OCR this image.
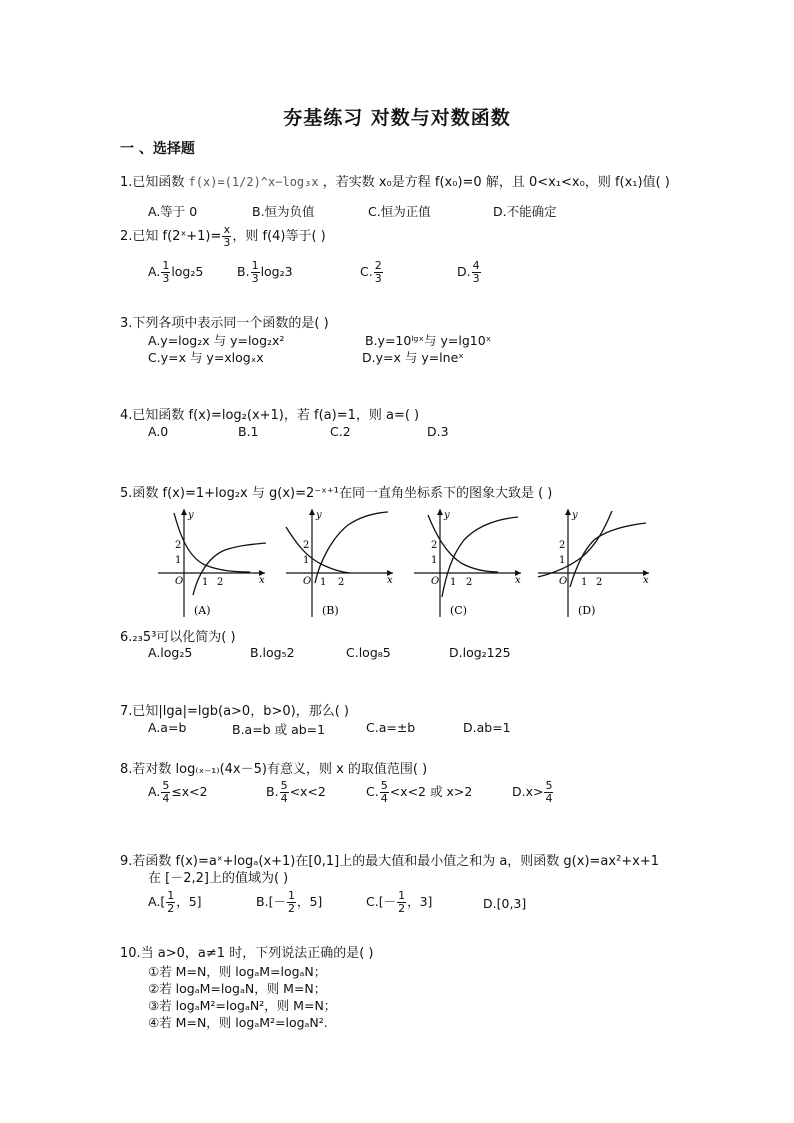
夯基练习 对数与对数函数
一 、选择题
1.已知函数 f(x)=(1/2)^x−log₃x ，若实数 x₀是方程 f(x₀)=0 解，且 0<x₁<x₀，则 f(x₁)值( )
A.等于 0	B.恒为负值	C.恒为正值	D.不能确定
2.已知 f(2ˣ+1)= $\frac{x}{3}$ ，则 f(4)等于( )
A. $\frac{1}{3} \log_25$	B. $\frac{1}{3} \log_23$	C. $\frac{2}{3}$	D. $\frac{4}{3}$
3.下列各项中表示同一个函数的是( )
A.y=log₂x 与 y=log₂x²	B.y=10ˡᵍˣ与 y=lg10ˣ
C.y=x 与 y=xlogₓx	D.y=x 与 y=lneˣ
4.已知函数 f(x)=log₂(x+1)，若 f(a)=1，则 a=( )
A.0	B.1	C.2	D.3
5.函数 f(x)=1+log₂x 与 g(x)=2⁻ˣ⁺¹在同一直角坐标系下的图象大致是 ( )
y
x
O 1 2
2
1
(A)
y
x
O 1 2
2
1
(B)
y
x
O 1 2
2
1
(C)
y
x
O 1 2
2
1
(D)
6.₂₃5³可以化简为( )
A.log₂5	B.log₅2	C.log₈5	D.log₂125
7.已知|lga|=lgb(a>0，b>0)，那么( )
A.a=b	B.a=b 或 ab=1	C.a=±b	D.ab=1
8.若对数 log₍ₓ₋₁₎(4x－5)有意义，则 x 的取值范围( )
A. $\frac{5}{4} \le x<2$	B. $\frac{5}{4} <x<2$	C. $\frac{5}{4} <x<2$ 或 x>2	$D.x> \frac{5}{4}$
9.若函数 f(x)=aˣ+logₐ(x+1)在[0,1]上的最大值和最小值之和为 a，则函数 g(x)=ax²+x+1
在 [－2,2]上的值域为( )
$A.[ \frac{1}{2}$ ，5]	$B.[- \frac{1}{2}$ ，5]	$C.[- \frac{1}{2}$ ，3]	D.[0,3]
10.当 a>0，a≠1 时，下列说法正确的是( )
①若 M=N，则 logₐM=logₐN；
②若 logₐM=logₐN，则 M=N；
③若 logₐM²=logₐN²，则 M=N；
④若 M=N，则 logₐM²=logₐN².
